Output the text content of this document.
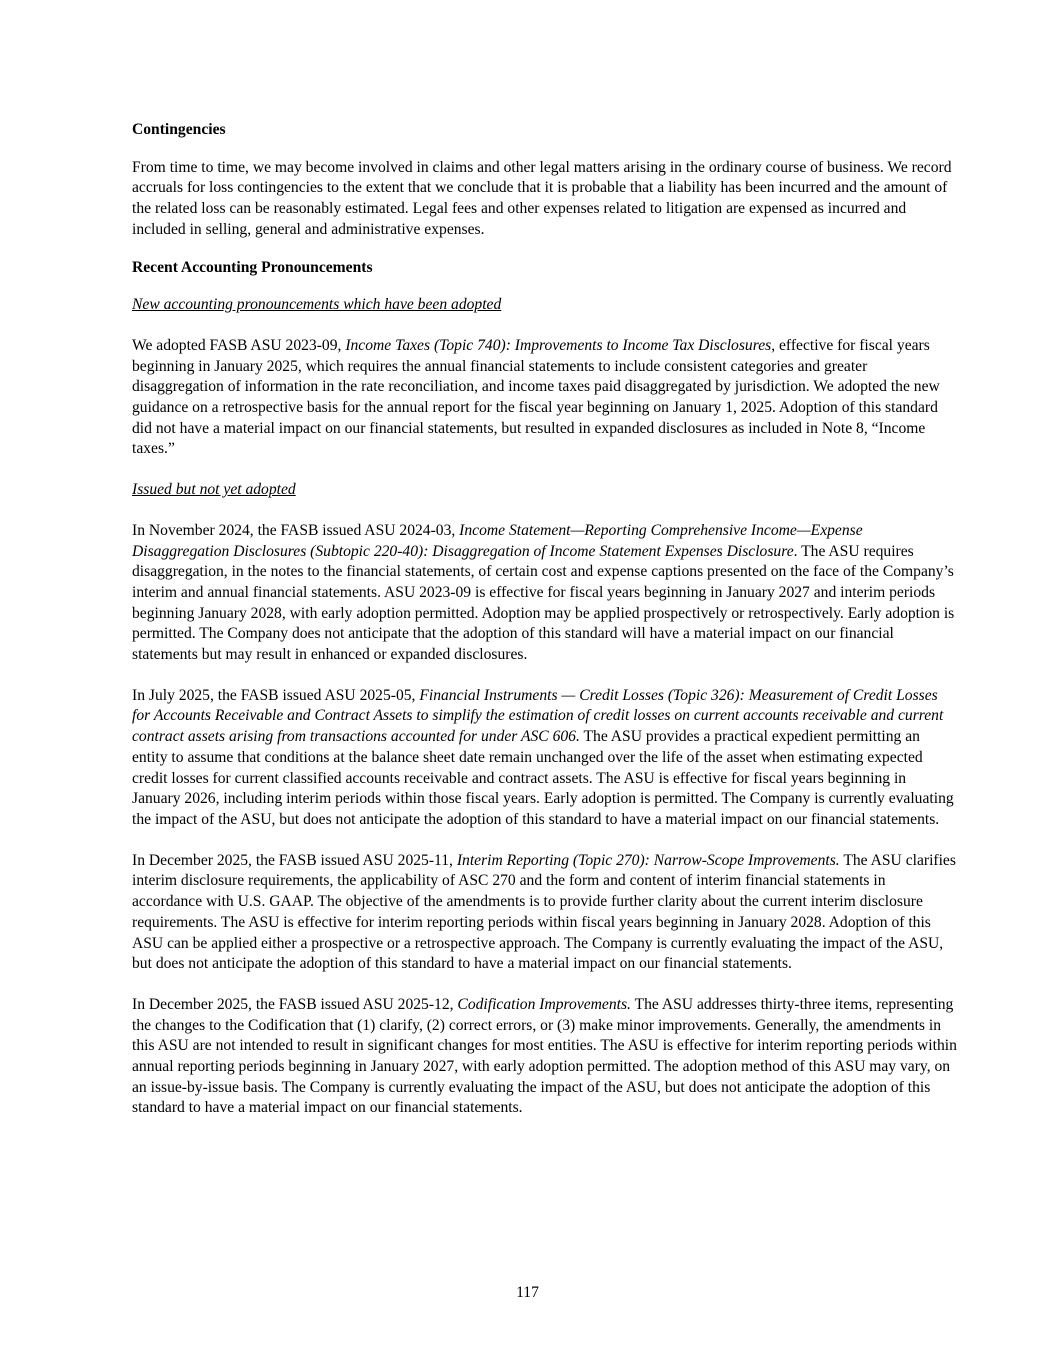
Contingencies

From time to time, we may become involved in claims and other legal matters arising in the ordinary course of business. We record accruals for loss contingencies to the extent that we conclude that it is probable that a liability has been incurred and the amount of the related loss can be reasonably estimated. Legal fees and other expenses related to litigation are expensed as incurred and included in selling, general and administrative expenses.

Recent Accounting Pronouncements

New accounting pronouncements which have been adopted

We adopted FASB ASU 2023-09, Income Taxes (Topic 740): Improvements to Income Tax Disclosures, effective for fiscal years beginning in January 2025, which requires the annual financial statements to include consistent categories and greater disaggregation of information in the rate reconciliation, and income taxes paid disaggregated by jurisdiction. We adopted the new guidance on a retrospective basis for the annual report for the fiscal year beginning on January 1, 2025. Adoption of this standard did not have a material impact on our financial statements, but resulted in expanded disclosures as included in Note 8, “Income taxes.”

Issued but not yet adopted

In November 2024, the FASB issued ASU 2024-03, Income Statement—Reporting Comprehensive Income—Expense Disaggregation Disclosures (Subtopic 220-40): Disaggregation of Income Statement Expenses Disclosure. The ASU requires disaggregation, in the notes to the financial statements, of certain cost and expense captions presented on the face of the Company’s interim and annual financial statements. ASU 2023-09 is effective for fiscal years beginning in January 2027 and interim periods beginning January 2028, with early adoption permitted. Adoption may be applied prospectively or retrospectively. Early adoption is permitted. The Company does not anticipate that the adoption of this standard will have a material impact on our financial statements but may result in enhanced or expanded disclosures.

In July 2025, the FASB issued ASU 2025-05, Financial Instruments — Credit Losses (Topic 326): Measurement of Credit Losses for Accounts Receivable and Contract Assets to simplify the estimation of credit losses on current accounts receivable and current contract assets arising from transactions accounted for under ASC 606. The ASU provides a practical expedient permitting an entity to assume that conditions at the balance sheet date remain unchanged over the life of the asset when estimating expected credit losses for current classified accounts receivable and contract assets. The ASU is effective for fiscal years beginning in January 2026, including interim periods within those fiscal years. Early adoption is permitted. The Company is currently evaluating the impact of the ASU, but does not anticipate the adoption of this standard to have a material impact on our financial statements.

In December 2025, the FASB issued ASU 2025-11, Interim Reporting (Topic 270): Narrow-Scope Improvements. The ASU clarifies interim disclosure requirements, the applicability of ASC 270 and the form and content of interim financial statements in accordance with U.S. GAAP. The objective of the amendments is to provide further clarity about the current interim disclosure requirements. The ASU is effective for interim reporting periods within fiscal years beginning in January 2028. Adoption of this ASU can be applied either a prospective or a retrospective approach. The Company is currently evaluating the impact of the ASU, but does not anticipate the adoption of this standard to have a material impact on our financial statements.

In December 2025, the FASB issued ASU 2025-12, Codification Improvements. The ASU addresses thirty-three items, representing the changes to the Codification that (1) clarify, (2) correct errors, or (3) make minor improvements. Generally, the amendments in this ASU are not intended to result in significant changes for most entities. The ASU is effective for interim reporting periods within annual reporting periods beginning in January 2027, with early adoption permitted. The adoption method of this ASU may vary, on an issue-by-issue basis. The Company is currently evaluating the impact of the ASU, but does not anticipate the adoption of this standard to have a material impact on our financial statements.

117
